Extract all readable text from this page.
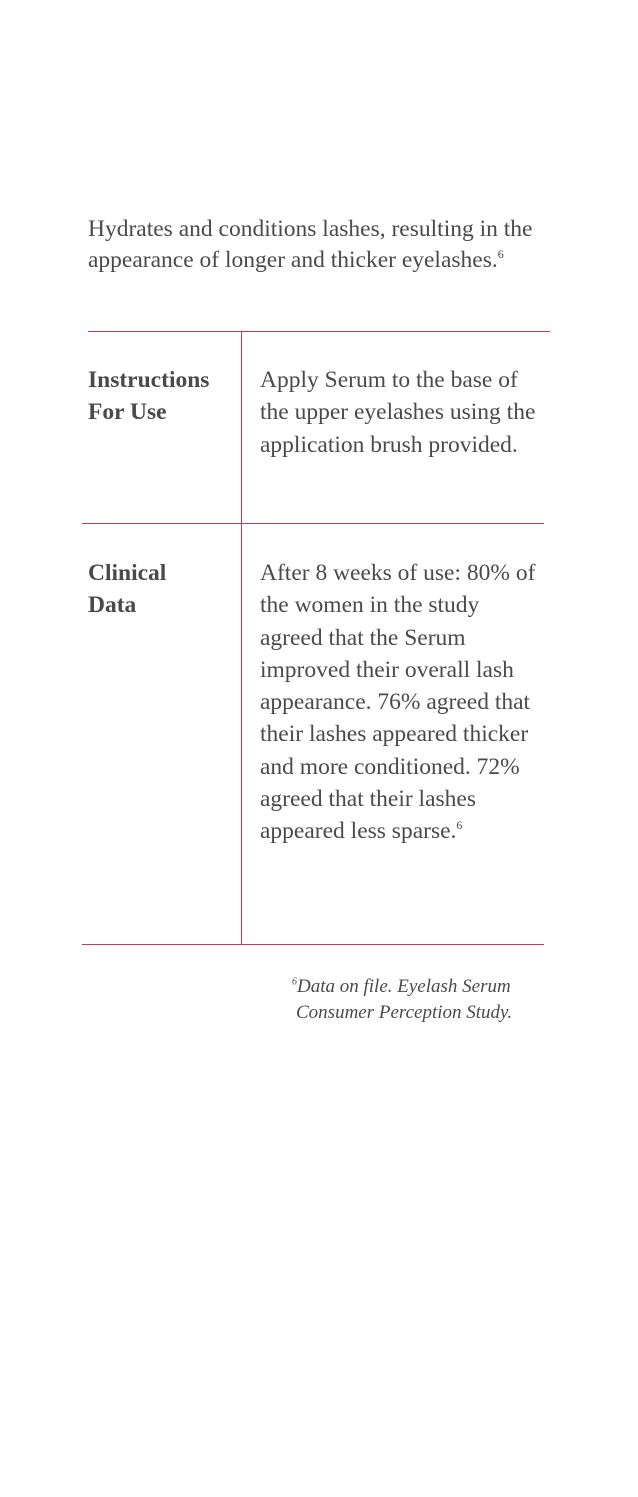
Hydrates and conditions lashes, resulting in the appearance of longer and thicker eyelashes.$^6$

Instructions
For Use

Apply Serum to the base of the upper eyelashes using the application brush provided.

Clinical
Data

After 8 weeks of use: 80% of the women in the study agreed that the Serum improved their overall lash appearance. 76% agreed that their lashes appeared thicker and more conditioned. 72% agreed that their lashes appeared less sparse.$^6$

$^6$Data on file. Eyelash Serum
Consumer Perception Study.
